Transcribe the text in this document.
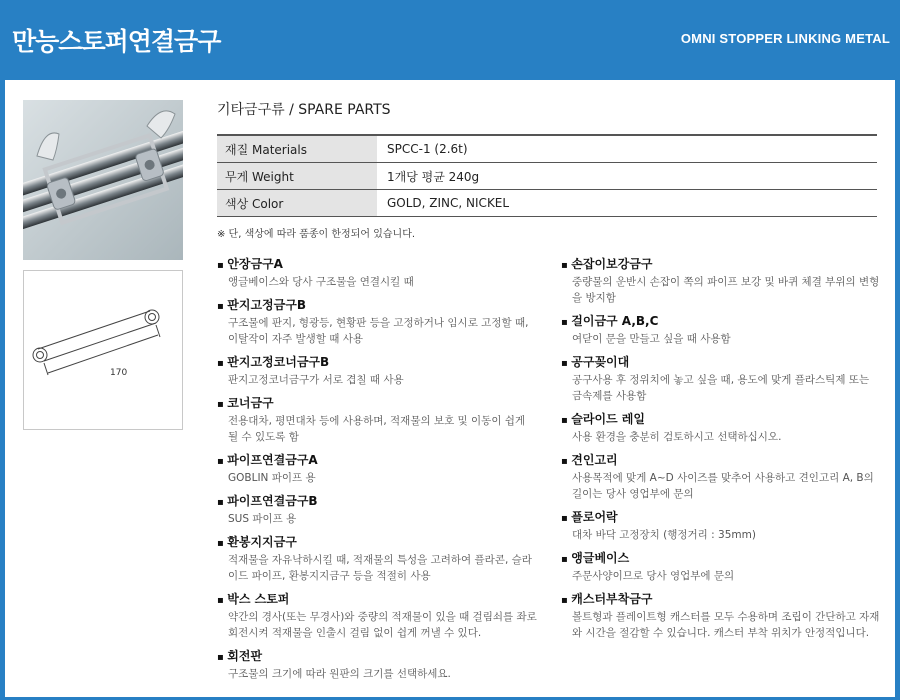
만능스토퍼연결금구	OMNI STOPPER LINKING METAL
170
기타금구류 / SPARE PARTS
재질 Materials	SPCC-1 (2.6t)
무게 Weight	1개당 평균 240g
색상 Color	GOLD, ZINC, NICKEL
※ 단, 색상에 따라 품종이 한정되어 있습니다.
▪ 안장금구A
앵글베이스와 당사 구조물을 연결시킬 때
▪ 판지고정금구B
구조물에 판지, 형광등, 현황판 등을 고정하거나 임시로 고정할 때, 이탈작이 자주 발생할 때 사용
▪ 판지고정코너금구B
판지고정코너금구가 서로 겹칠 때 사용
▪ 코너금구
전용대차, 평면대차 등에 사용하며, 적재물의 보호 및 이동이 쉽게 될 수 있도록 함
▪ 파이프연결금구A
GOBLIN 파이프 용
▪ 파이프연결금구B
SUS 파이프 용
▪ 환봉지지금구
적재물을 자유낙하시킬 때, 적재물의 특성을 고려하여 플라콘, 슬라이드 파이프, 환봉지지금구 등을 적절히 사용
▪ 박스 스토퍼
약간의 경사(또는 무경사)와 중량의 적재물이 있을 때 걸림쇠를 좌로 회전시켜 적재물을 인출시 걸림 없이 쉽게 꺼낼 수 있다.
▪ 회전판
구조물의 크기에 따라 원판의 크기를 선택하세요.
▪ 손잡이보강금구
중량물의 운반시 손잡이 쪽의 파이프 보강 및 바퀴 체결 부위의 변형을 방지함
▪ 걸이금구 A,B,C
여닫이 문을 만들고 싶을 때 사용함
▪ 공구꽂이대
공구사용 후 정위치에 놓고 싶을 때, 용도에 맞게 플라스틱제 또는 금속제를 사용함
▪ 슬라이드 레일
사용 환경을 충분히 검토하시고 선택하십시오.
▪ 견인고리
사용목적에 맞게 A~D 사이즈를 맞추어 사용하고 견인고리 A, B의 길이는 당사 영업부에 문의
▪ 플로어락
대차 바닥 고정장치 (행정거리 : 35mm)
▪ 앵글베이스
주문사양이므로 당사 영업부에 문의
▪ 캐스터부착금구
볼트형과 플레이트형 캐스터를 모두 수용하며 조립이 간단하고 자재와 시간을 절감할 수 있습니다. 캐스터 부착 위치가 안정적입니다.
